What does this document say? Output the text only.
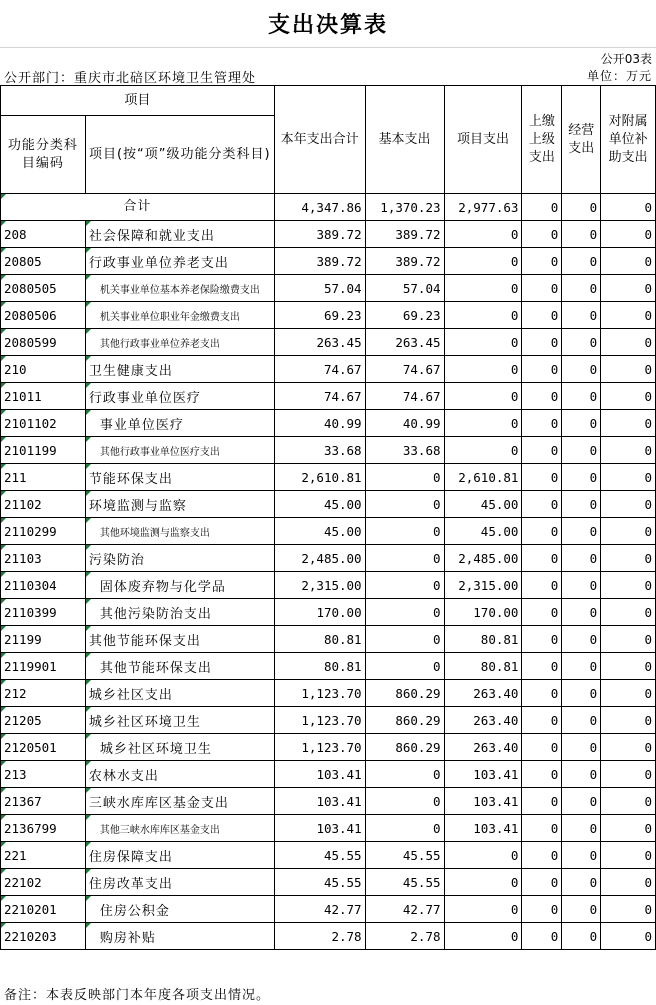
支出决算表
公开03表
公开部门：重庆市北碚区环境卫生管理处	单位：万元
项目		本年支出合计	基本支出	项目支出	上缴上级支出	经营支出	对附属单位补助支出
功能分类科目编码	项目(按“项”级功能分类科目)						
合计		4,347.86	1,370.23	2,977.63	0	0	0
208	社会保障和就业支出	389.72	389.72	0	0	0	0
20805	行政事业单位养老支出	389.72	389.72	0	0	0	0
2080505	机关事业单位基本养老保险缴费支出	57.04	57.04	0	0	0	0
2080506	机关事业单位职业年金缴费支出	69.23	69.23	0	0	0	0
2080599	其他行政事业单位养老支出	263.45	263.45	0	0	0	0
210	卫生健康支出	74.67	74.67	0	0	0	0
21011	行政事业单位医疗	74.67	74.67	0	0	0	0
2101102	事业单位医疗	40.99	40.99	0	0	0	0
2101199	其他行政事业单位医疗支出	33.68	33.68	0	0	0	0
211	节能环保支出	2,610.81	0	2,610.81	0	0	0
21102	环境监测与监察	45.00	0	45.00	0	0	0
2110299	其他环境监测与监察支出	45.00	0	45.00	0	0	0
21103	污染防治	2,485.00	0	2,485.00	0	0	0
2110304	固体废弃物与化学品	2,315.00	0	2,315.00	0	0	0
2110399	其他污染防治支出	170.00	0	170.00	0	0	0
21199	其他节能环保支出	80.81	0	80.81	0	0	0
2119901	其他节能环保支出	80.81	0	80.81	0	0	0
212	城乡社区支出	1,123.70	860.29	263.40	0	0	0
21205	城乡社区环境卫生	1,123.70	860.29	263.40	0	0	0
2120501	城乡社区环境卫生	1,123.70	860.29	263.40	0	0	0
213	农林水支出	103.41	0	103.41	0	0	0
21367	三峡水库库区基金支出	103.41	0	103.41	0	0	0
2136799	其他三峡水库库区基金支出	103.41	0	103.41	0	0	0
221	住房保障支出	45.55	45.55	0	0	0	0
22102	住房改革支出	45.55	45.55	0	0	0	0
2210201	住房公积金	42.77	42.77	0	0	0	0
2210203	购房补贴	2.78	2.78	0	0	0	0
备注：本表反映部门本年度各项支出情况。
